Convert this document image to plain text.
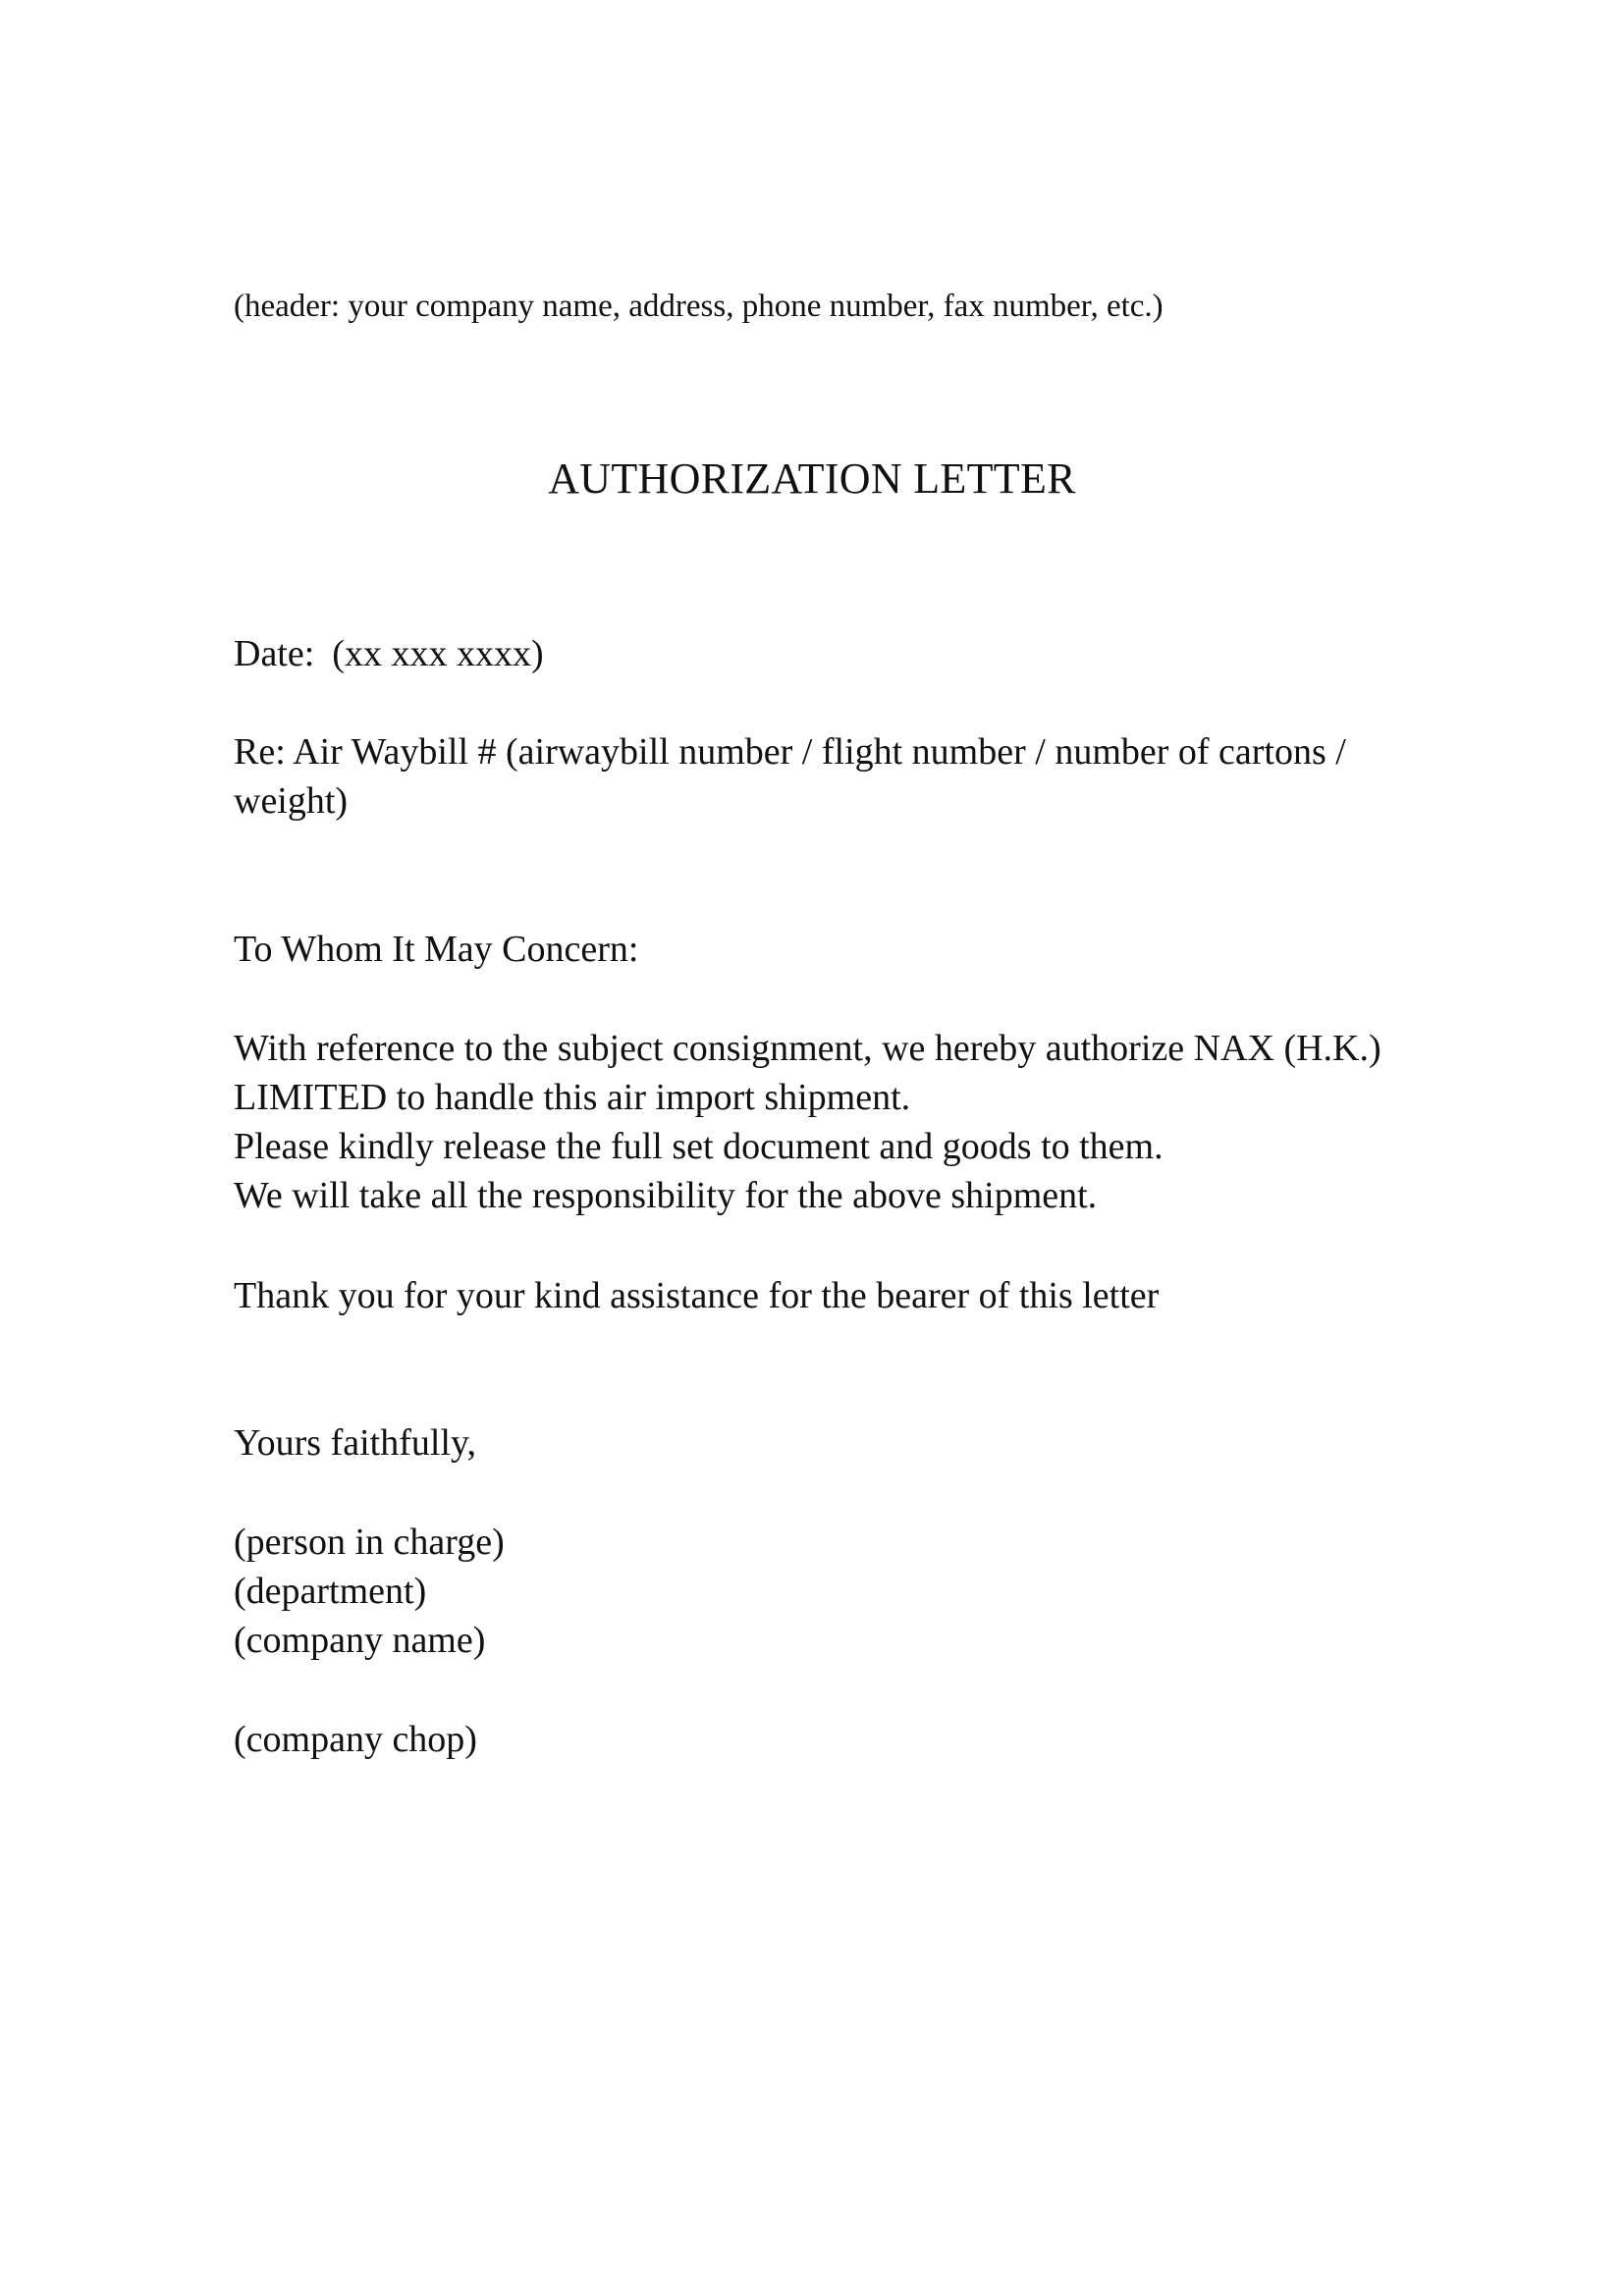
(header: your company name, address, phone number, fax number, etc.)
AUTHORIZATION LETTER
Date: (xx xxx xxxx)
Re: Air Waybill # (airwaybill number / flight number / number of cartons /
weight)
To Whom It May Concern:
With reference to the subject consignment, we hereby authorize NAX (H.K.)
LIMITED to handle this air import shipment.
Please kindly release the full set document and goods to them.
We will take all the responsibility for the above shipment.
Thank you for your kind assistance for the bearer of this letter
Yours faithfully,
(person in charge)
(department)
(company name)
(company chop)
